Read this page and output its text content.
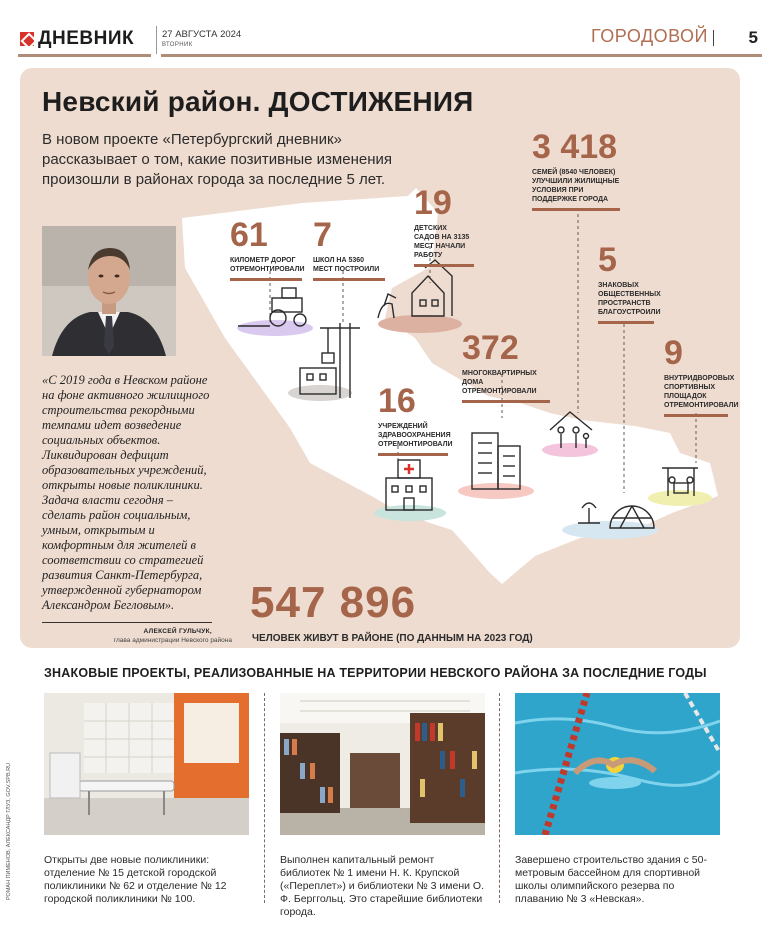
ДНЕВНИК	27 АВГУСТА 2024
ВТОРНИК	ГОРОДОВОЙ 5
Невский район. ДОСТИЖЕНИЯ
В новом проекте «Петербургский дневник» рассказывает о том, какие позитивные изменения произошли в районах города за последние 5 лет.
61
КИЛОМЕТР ДОРОГ ОТРЕМОНТИРОВАЛИ
7
ШКОЛ НА 5360 МЕСТ ПОСТРОИЛИ
19
ДЕТСКИХ САДОВ НА 3135 МЕСТ НАЧАЛИ РАБОТУ
3 418
СЕМЕЙ (8540 ЧЕЛОВЕК) УЛУЧШИЛИ ЖИЛИЩНЫЕ УСЛОВИЯ ПРИ ПОДДЕРЖКЕ ГОРОДА
5
ЗНАКОВЫХ ОБЩЕСТВЕННЫХ ПРОСТРАНСТВ БЛАГОУСТРОИЛИ
372
МНОГОКВАРТИРНЫХ ДОМА ОТРЕМОНТИРОВАЛИ
16
УЧРЕЖДЕНИЙ ЗДРАВООХРАНЕНИЯ ОТРЕМОНТИРОВАЛИ
9
ВНУТРИДВОРОВЫХ СПОРТИВНЫХ ПЛОЩАДОК ОТРЕМОНТИРОВАЛИ
«С 2019 года в Невском районе на фоне активного жилищного строительства рекордными темпами идет возведение социальных объектов. Ликвидирован дефицит образовательных учреждений, открыты новые поликлиники. Задача власти сегодня – сделать район социальным, умным, открытым и комфортным для жителей в соответствии со стратегией развития Санкт-Петербурга, утвержденной губернатором Александром Бегловым».
АЛЕКСЕЙ ГУЛЬЧУК,
глава администрации Невского района
547 896
ЧЕЛОВЕК ЖИВУТ В РАЙОНЕ (ПО ДАННЫМ НА 2023 ГОД)
ЗНАКОВЫЕ ПРОЕКТЫ, РЕАЛИЗОВАННЫЕ НА ТЕРРИТОРИИ НЕВСКОГО РАЙОНА ЗА ПОСЛЕДНИЕ ГОДЫ
Открыты две новые поликлиники: отделение № 15 детской городской поликлиники № 62 и отделение № 12 городской поликлиники № 100.
Выполнен капитальный ремонт библиотек № 1 имени Н. К. Крупской («Переплет») и библиотеки № 3 имени О. Ф. Берггольц. Это старейшие библиотеки города.
Завершено строительство здания с 50-метровым бассейном для спортивной школы олимпийского резерва по плаванию № 3 «Невская».
РОМАН ПИМЕНОВ, АЛЕКСАНДР ГЛУЗ, GOV.SPB.RU
